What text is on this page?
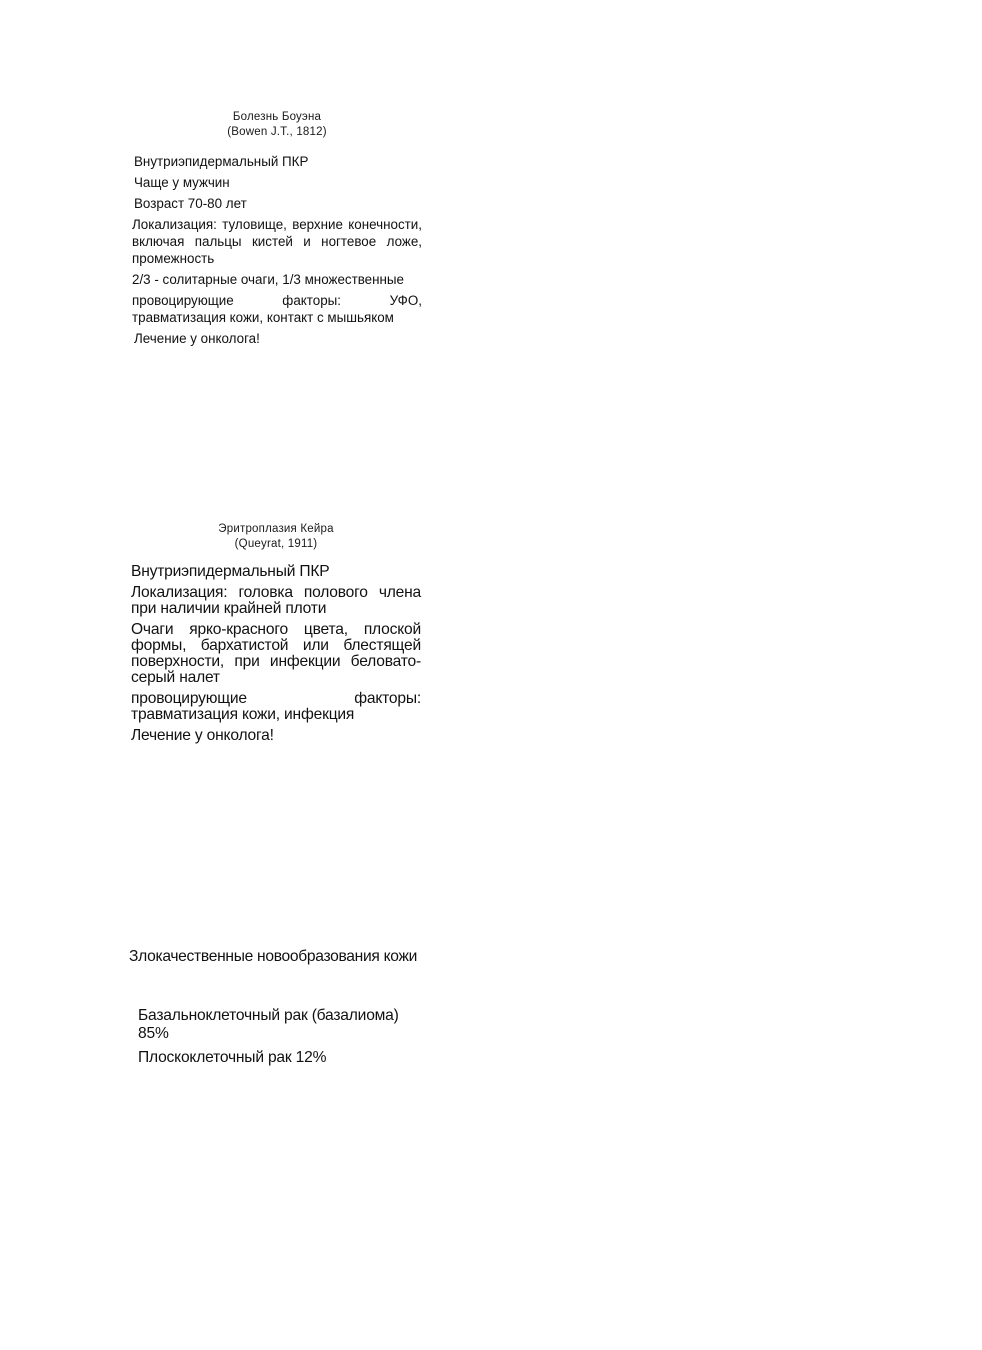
Болезнь Боуэна
(Bowen J.T., 1812)

Внутриэпидермальный ПКР

Чаще у мужчин

Возраст 70-80 лет

Локализация: туловище, верхние конечности, включая пальцы кистей и ногтевое ложе, промежность

2/3 - солитарные очаги, 1/3 множественные

провоцирующие факторы: УФО, травматизация кожи, контакт с мышьяком

Лечение у онколога!

Эритроплазия Кейра
(Queyrat, 1911)

Внутриэпидермальный ПКР

Локализация: головка полового члена при наличии крайней плоти

Очаги ярко-красного цвета, плоской формы, бархатистой или блестящей поверхности, при инфекции беловато-серый налет

провоцирующие факторы: травматизация кожи, инфекция

Лечение у онколога!

Злокачественные новообразования кожи

Базальноклеточный рак (базалиома) 85%

Плоскоклеточный рак 12%
